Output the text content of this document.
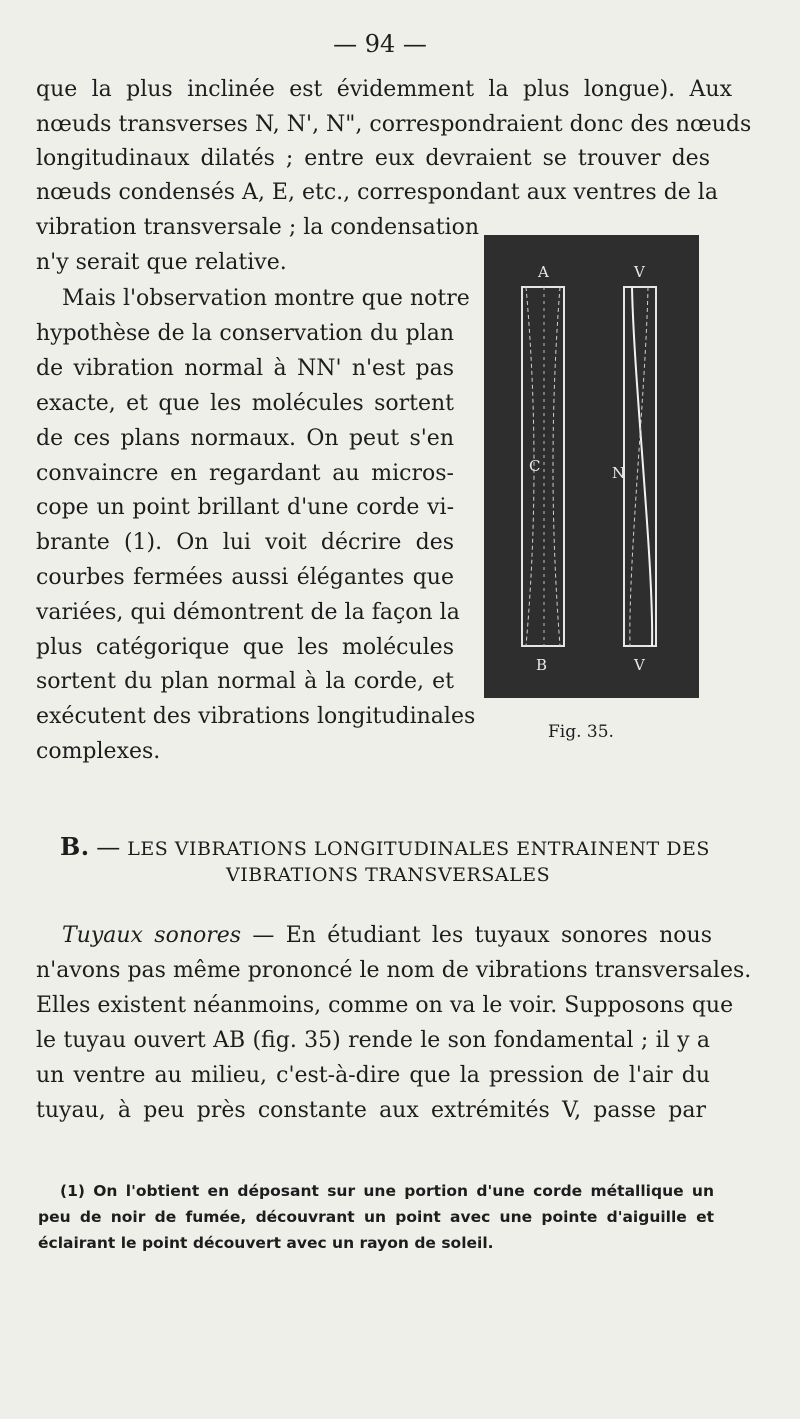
— 94 —
que la plus inclinée est évidemment la plus longue). Aux
nœuds transverses N, N', N", correspondraient donc des nœuds
longitudinaux dilatés ; entre eux devraient se trouver des
nœuds condensés A, E, etc., correspondant aux ventres de la
vibration transversale ; la condensation
n'y serait que relative.
Mais l'observation montre que notre
hypothèse de la conservation du plan
de vibration normal à NN' n'est pas
exacte, et que les molécules sortent
de ces plans normaux. On peut s'en
convaincre en regardant au micros-
cope un point brillant d'une corde vi-
brante (1). On lui voit décrire des
courbes fermées aussi élégantes que
variées, qui démontrent de la façon la
plus catégorique que les molécules
sortent du plan normal à la corde, et
exécutent des vibrations longitudinales
complexes.
A	V
C	N
B	V
Fig. 35.
B. — LES VIBRATIONS LONGITUDINALES ENTRAINENT DES
VIBRATIONS TRANSVERSALES
Tuyaux sonores — En étudiant les tuyaux sonores nous
n'avons pas même prononcé le nom de vibrations transversales.
Elles existent néanmoins, comme on va le voir. Supposons que
le tuyau ouvert AB (fig. 35) rende le son fondamental ; il y a
un ventre au milieu, c'est-à-dire que la pression de l'air du
tuyau, à peu près constante aux extrémités V, passe par
(1) On l'obtient en déposant sur une portion d'une corde métallique un
peu de noir de fumée, découvrant un point avec une pointe d'aiguille et
éclairant le point découvert avec un rayon de soleil.
